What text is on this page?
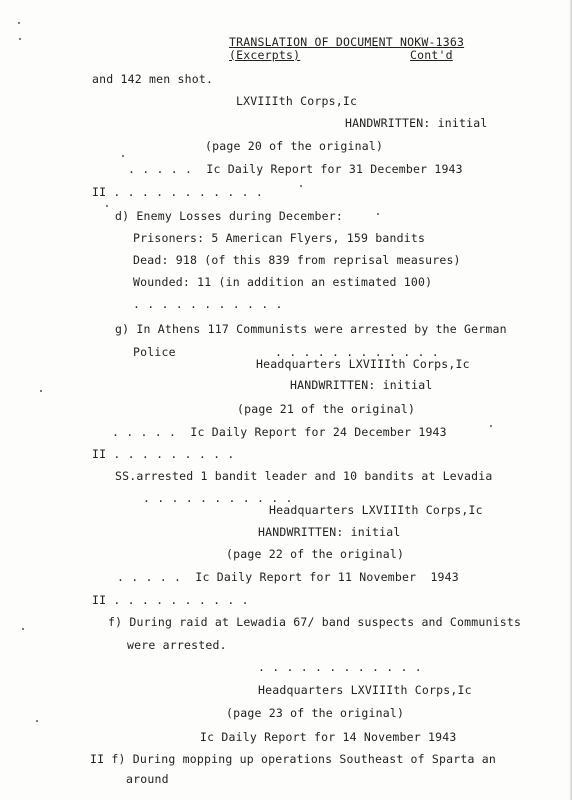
TRANSLATION OF DOCUMENT NOKW-1363
(Excerpts)	Cont'd
and 142 men shot.
LXVIIIth Corps,Ic
HANDWRITTEN: initial
(page 20 of the original)
. . . . .  Ic Daily Report for 31 December 1943
II . . . . . . . . . . .
d) Enemy Losses during December:
Prisoners: 5 American Flyers, 159 bandits
Dead: 918 (of this 839 from reprisal measures)
Wounded: 11 (in addition an estimated 100)
. . . . . . . . . . .
g) In Athens 117 Communists were arrested by the German
Police	. . . . . . . . . . . .
Headquarters LXVIIIth Corps,Ic
HANDWRITTEN: initial
(page 21 of the original)
. . . . .  Ic Daily Report for 24 December 1943
II . . . . . . . . .
SS.arrested 1 bandit leader and 10 bandits at Levadia
. . . . . . . . . . .
Headquarters LXVIIIth Corps,Ic
HANDWRITTEN: initial
(page 22 of the original)
. . . . .  Ic Daily Report for 11 November  1943
II . . . . . . . . . .
f) During raid at Lewadia 67/ band suspects and Communists
were arrested.
. . . . . . . . . . . .
Headquarters LXVIIIth Corps,Ic
(page 23 of the original)
Ic Daily Report for 14 November 1943
II f) During mopping up operations Southeast of Sparta an
around
